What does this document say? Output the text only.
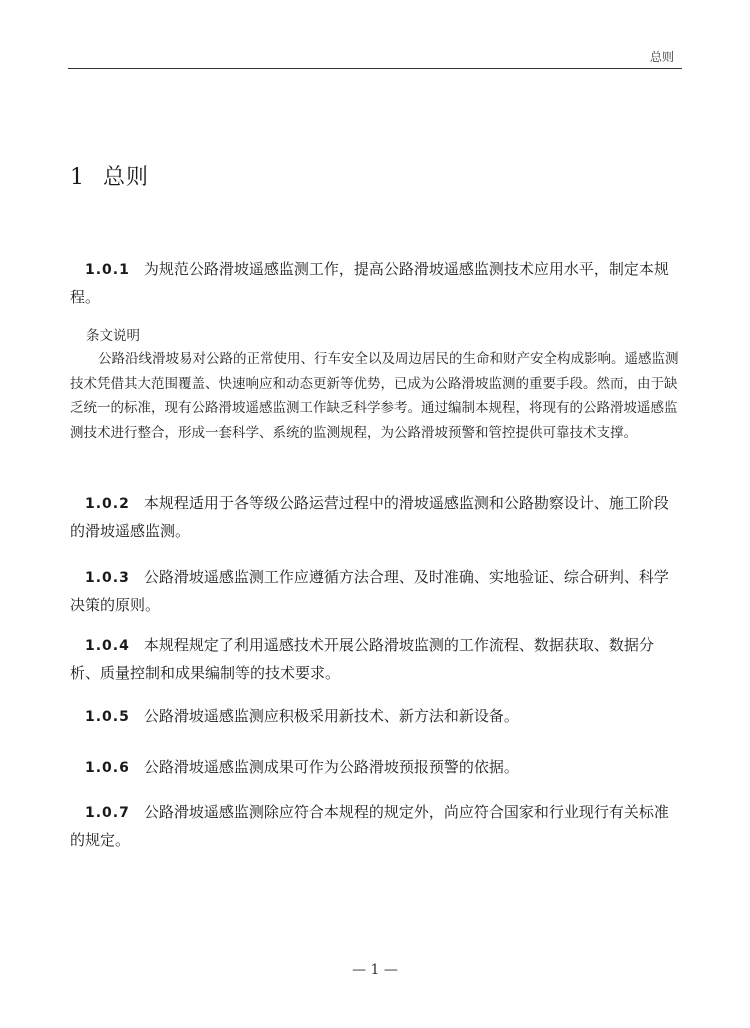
总则
1 总则
1.0.1 为规范公路滑坡遥感监测工作，提高公路滑坡遥感监测技术应用水平，制定本规程。
条文说明

公路沿线滑坡易对公路的正常使用、行车安全以及周边居民的生命和财产安全构成影响。遥感监测技术凭借其大范围覆盖、快速响应和动态更新等优势，已成为公路滑坡监测的重要手段。然而，由于缺乏统一的标准，现有公路滑坡遥感监测工作缺乏科学参考。通过编制本规程，将现有的公路滑坡遥感监测技术进行整合，形成一套科学、系统的监测规程，为公路滑坡预警和管控提供可靠技术支撑。

1.0.2 本规程适用于各等级公路运营过程中的滑坡遥感监测和公路勘察设计、施工阶段的滑坡遥感监测。
1.0.3 公路滑坡遥感监测工作应遵循方法合理、及时准确、实地验证、综合研判、科学决策的原则。
1.0.4 本规程规定了利用遥感技术开展公路滑坡监测的工作流程、数据获取、数据分析、质量控制和成果编制等的技术要求。
1.0.5 公路滑坡遥感监测应积极采用新技术、新方法和新设备。
1.0.6 公路滑坡遥感监测成果可作为公路滑坡预报预警的依据。
1.0.7 公路滑坡遥感监测除应符合本规程的规定外，尚应符合国家和行业现行有关标准的规定。
— 1 —
